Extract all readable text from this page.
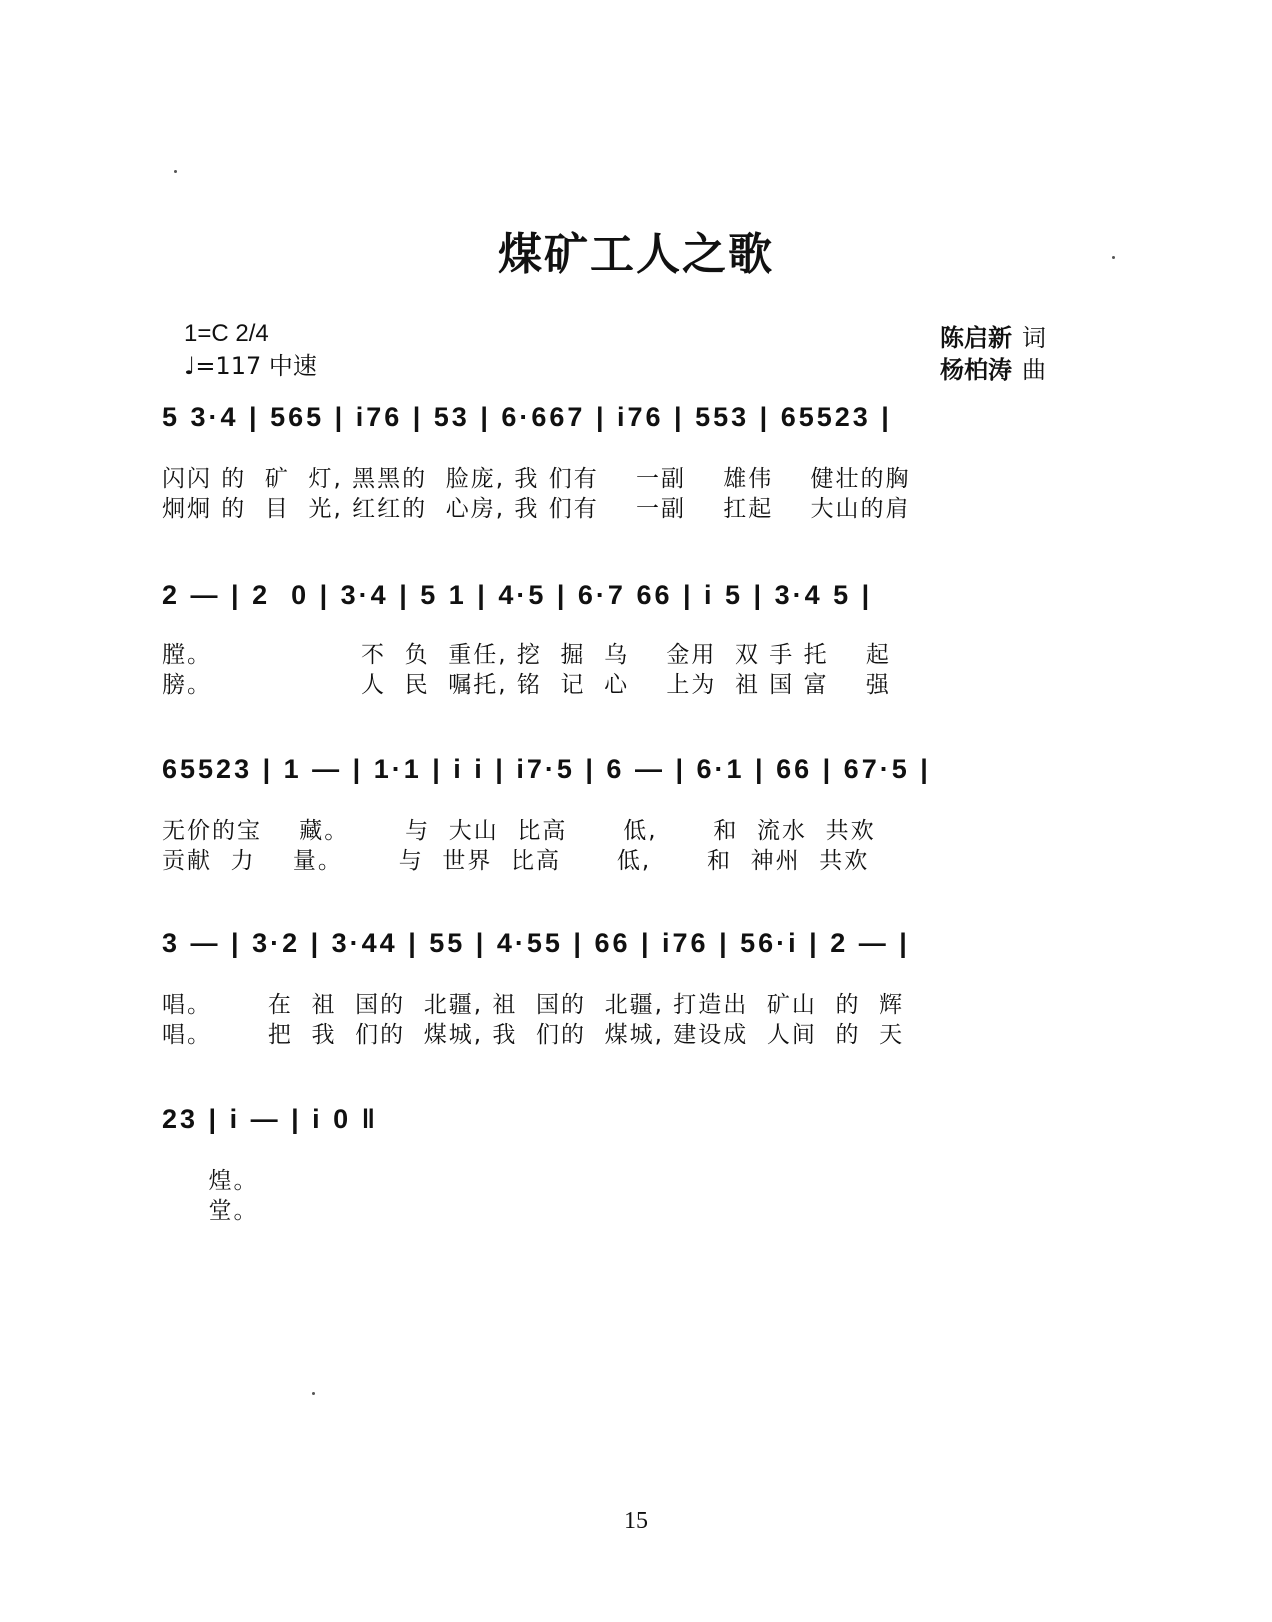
煤矿工人之歌
1=C 2/4
♩=117 中速
陈启新 词
杨柏涛 曲
5 3·4 | 565 | i76 | 53 | 6·667 | i76 | 553 | 65523 |
闪闪 的  矿  灯, 黑黑的  脸庞, 我 们有    一副    雄伟    健壮的胸
炯炯 的  目  光, 红红的  心房, 我 们有    一副    扛起    大山的肩
2 — | 2  0 | 3·4 | 5 1 | 4·5 | 6·7 66 | i 5 | 3·4 5 |
膛。                不  负  重任, 挖  掘  乌    金用  双 手 托    起
膀。                人  民  嘱托, 铭  记  心    上为  祖 国 富    强
65523 | 1 — | 1·1 | i i | i7·5 | 6 — | 6·1 | 66 | 67·5 |
无价的宝    藏。      与  大山  比高      低,      和  流水  共欢
贡献  力    量。      与  世界  比高      低,      和  神州  共欢
3 — | 3·2 | 3·44 | 55 | 4·55 | 66 | i76 | 56·i | 2 — |
唱。      在  祖  国的  北疆, 祖  国的  北疆, 打造出  矿山  的  辉
唱。      把  我  们的  煤城, 我  们的  煤城, 建设成  人间  的  天
23 | i — | i 0 ‖
煌。
堂。
15
